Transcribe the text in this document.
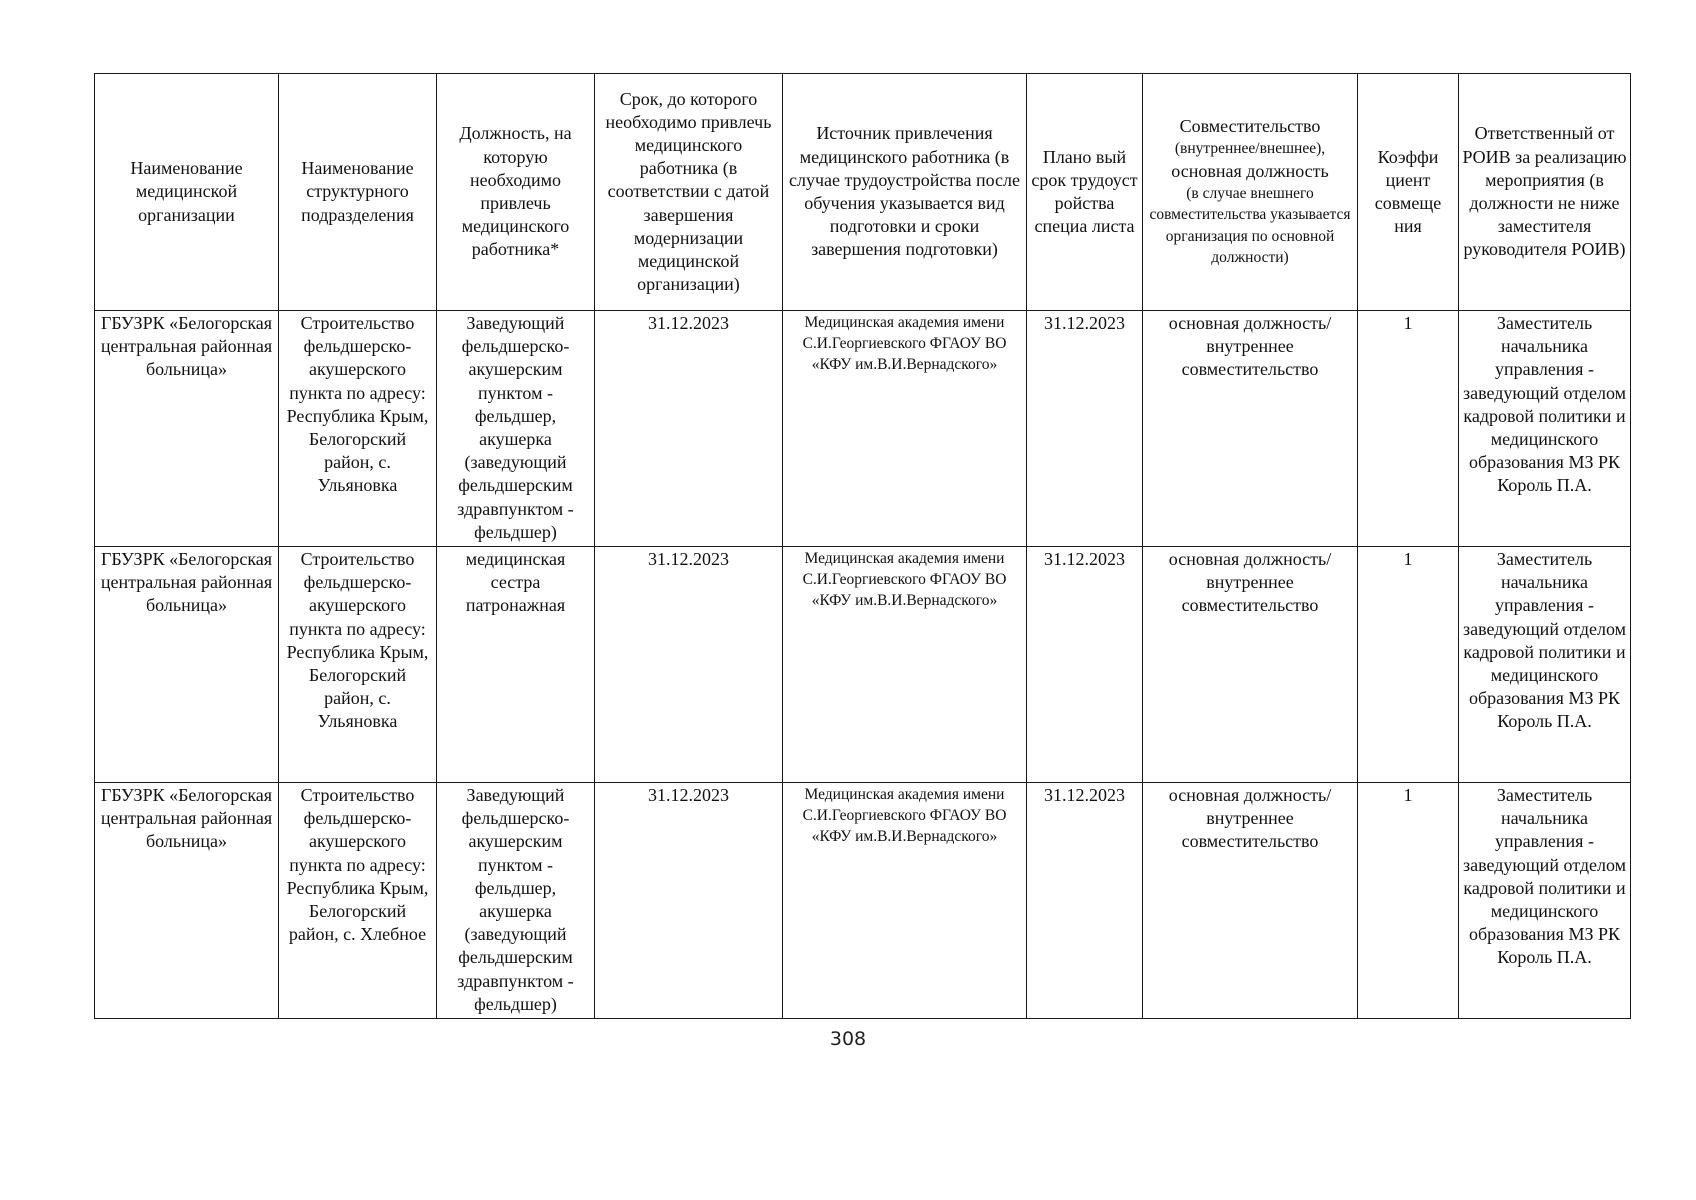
Наименование медицинской организации	Наименование структурного подразделения	Должность, на которую необходимо привлечь медицинского работника*	Срок, до которого необходимо привлечь медицинского работника (в соответствии с датой завершения модернизации медицинской организации)	Источник привлечения медицинского работника (в случае трудоустройства после обучения указывается вид подготовки и сроки завершения подготовки)	Плано вый срок трудоуст ройства специа листа	Совместительство
(внутреннее/внешнее),
основная должность
(в случае внешнего совместительства указывается организация по основной должности)	Коэффи циент совмеще ния	Ответственный от РОИВ за реализацию мероприятия (в должности не ниже заместителя руководителя РОИВ)
ГБУЗРК «Белогорская центральная районная больница»	Строительство фельдшерско-акушерского пункта по адресу: Республика Крым, Белогорский район, с. Ульяновка	Заведующий фельдшерско-акушерским пунктом - фельдшер, акушерка (заведующий фельдшерским здравпунктом - фельдшер)	31.12.2023	Медицинская академия имени С.И.Георгиевского ФГАОУ ВО «КФУ им.В.И.Вернадского»	31.12.2023	основная должность/ внутреннее совместительство	1	Заместитель начальника управления - заведующий отделом кадровой политики и медицинского образования МЗ РК Король П.А.
ГБУЗРК «Белогорская центральная районная больница»	Строительство фельдшерско-акушерского пункта по адресу: Республика Крым, Белогорский район, с. Ульяновка	медицинская сестра патронажная	31.12.2023	Медицинская академия имени С.И.Георгиевского ФГАОУ ВО «КФУ им.В.И.Вернадского»	31.12.2023	основная должность/ внутреннее совместительство	1	Заместитель начальника управления - заведующий отделом кадровой политики и медицинского образования МЗ РК Король П.А.
ГБУЗРК «Белогорская центральная районная больница»	Строительство фельдшерско-акушерского пункта по адресу: Республика Крым, Белогорский район, с. Хлебное	Заведующий фельдшерско-акушерским пунктом - фельдшер, акушерка (заведующий фельдшерским здравпунктом - фельдшер)	31.12.2023	Медицинская академия имени С.И.Георгиевского ФГАОУ ВО «КФУ им.В.И.Вернадского»	31.12.2023	основная должность/ внутреннее совместительство	1	Заместитель начальника управления - заведующий отделом кадровой политики и медицинского образования МЗ РК Король П.А.
308
